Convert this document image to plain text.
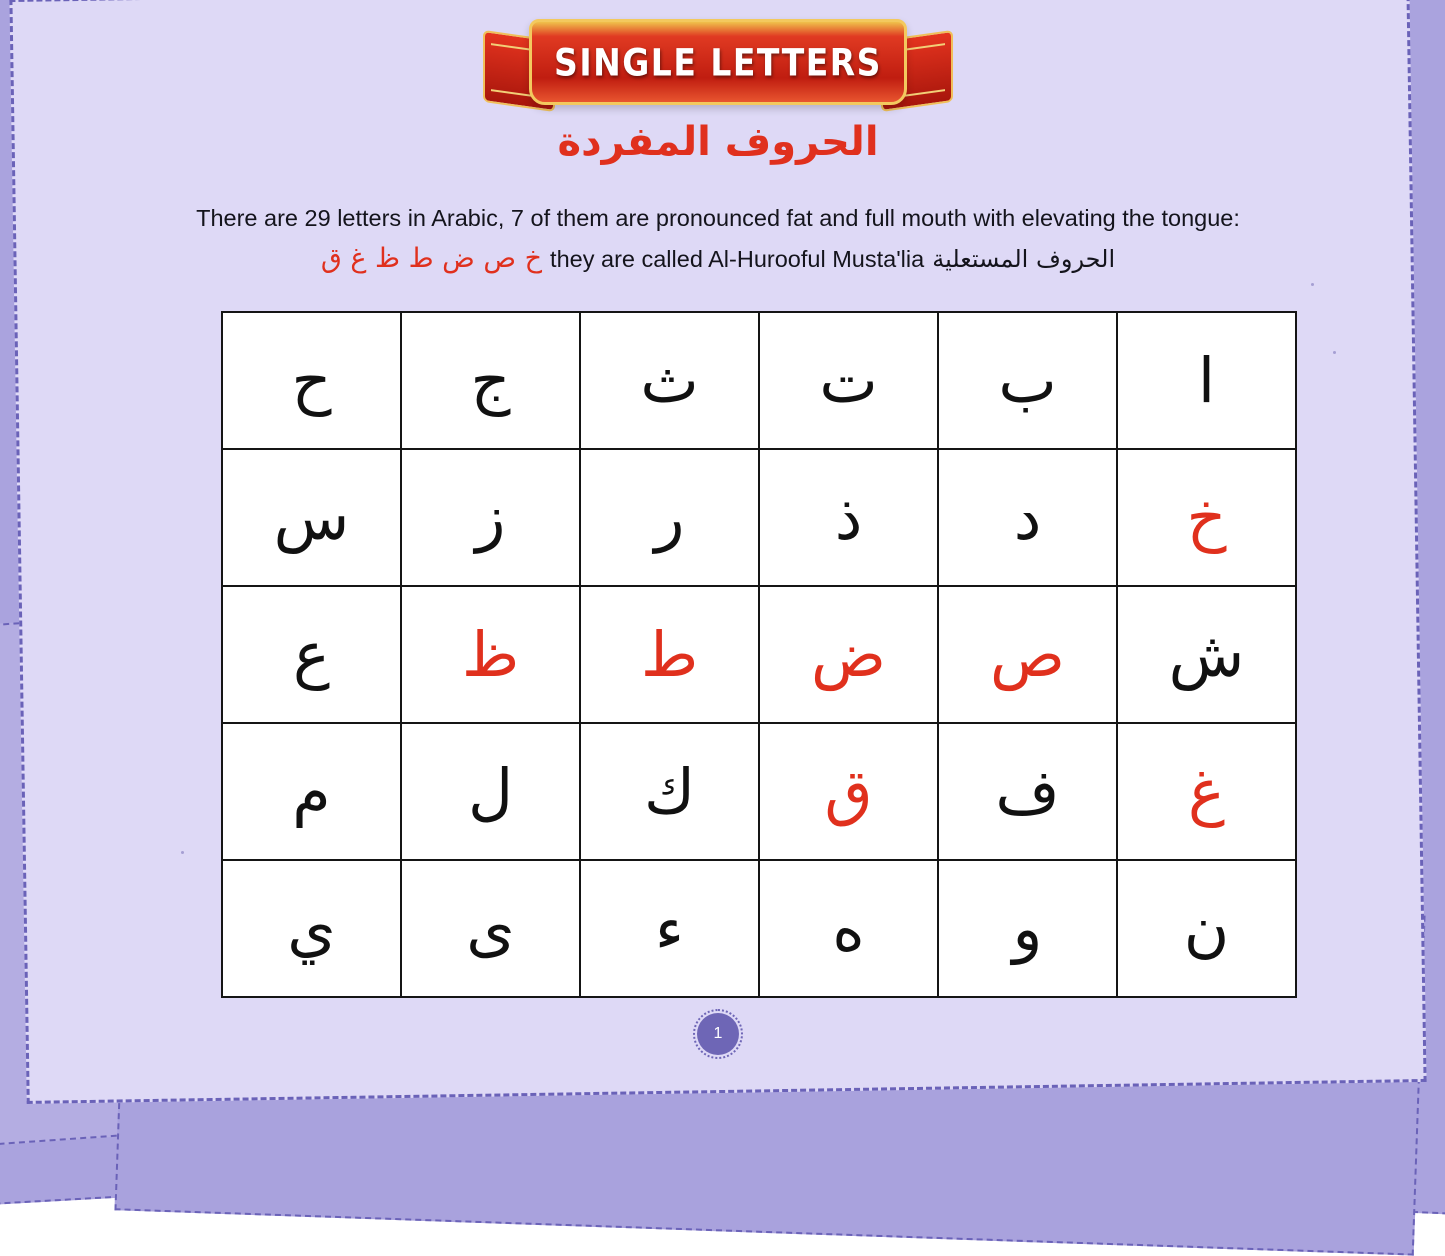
SINGLE LETTERS
الحروف المفردة
There are 29 letters in Arabic, 7 of them are pronounced fat and full mouth with elevating the tongue:
خ ص ض ط ظ غ ق they are called Al-Hurooful Musta'lia الحروف المستعلية
ا	ب	ت	ث	ج	ح
خ	د	ذ	ر	ز	س
ش	ص	ض	ط	ظ	ع
غ	ف	ق	ك	ل	م
ن	و	ه	ء	ى	ي
1
